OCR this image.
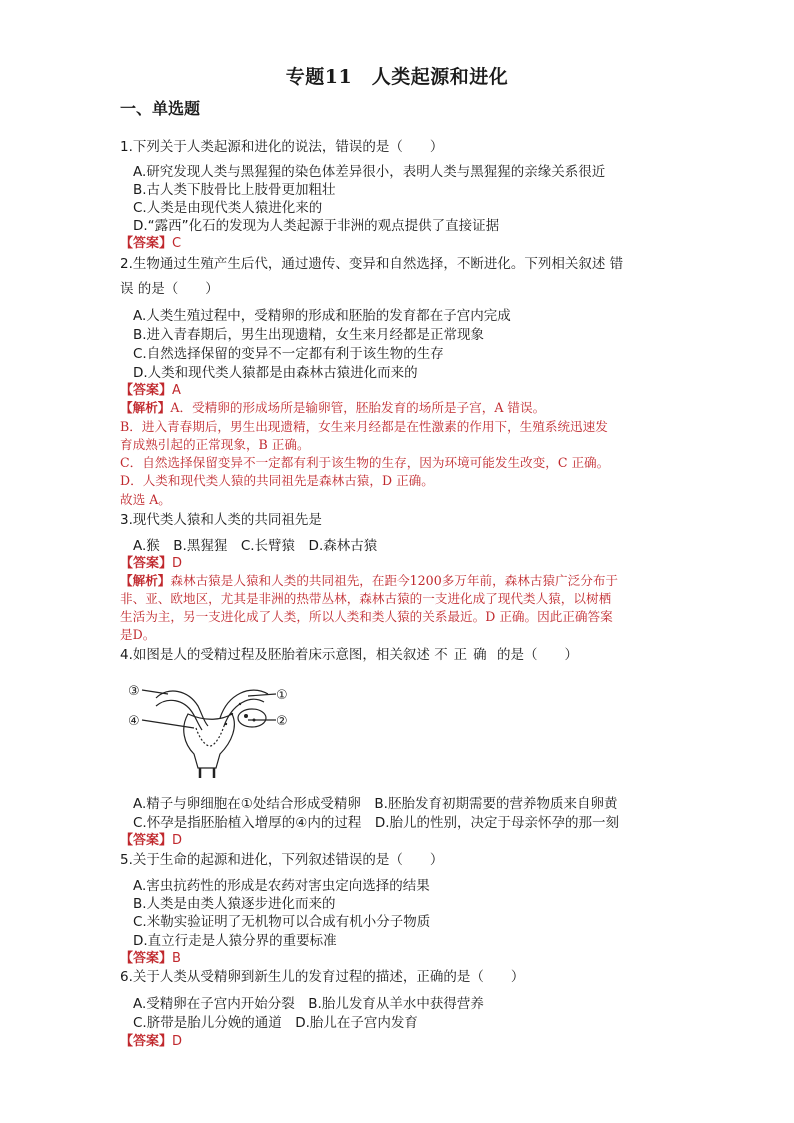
专题11　人类起源和进化
一、单选题
1.下列关于人类起源和进化的说法，错误的是（　　）
A.研究发现人类与黑猩猩的染色体差异很小，表明人类与黑猩猩的亲缘关系很近
B.古人类下肢骨比上肢骨更加粗壮
C.人类是由现代类人猿进化来的
D.“露西”化石的发现为人类起源于非洲的观点提供了直接证据
【答案】C
2.生物通过生殖产生后代，通过遗传、变异和自然选择，不断进化。下列相关叙述 错
误 的是（　　）
A.人类生殖过程中，受精卵的形成和胚胎的发育都在子宫内完成
B.进入青春期后，男生出现遗精，女生来月经都是正常现象
C.自然选择保留的变异不一定都有利于该生物的生存
D.人类和现代类人猿都是由森林古猿进化而来的
【答案】A
【解析】A．受精卵的形成场所是输卵管，胚胎发育的场所是子宫，A 错误。
B．进入青春期后，男生出现遗精，女生来月经都是在性激素的作用下，生殖系统迅速发
育成熟引起的正常现象，B 正确。
C．自然选择保留变异不一定都有利于该生物的生存，因为环境可能发生改变，C 正确。
D．人类和现代类人猿的共同祖先是森林古猿，D 正确。
故选 A。
3.现代类人猿和人类的共同祖先是
A.猴　B.黑猩猩　C.长臂猿　D.森林古猿
【答案】D
【解析】森林古猿是人猿和人类的共同祖先，在距今1200多万年前，森林古猿广泛分布于
非、亚、欧地区，尤其是非洲的热带丛林，森林古猿的一支进化成了现代类人猿，以树栖
生活为主，另一支进化成了人类，所以人类和类人猿的关系最近。D 正确。因此正确答案
是D。
4.如图是人的受精过程及胚胎着床示意图，相关叙述 不正确 的是（　　）
③	①
④	②
A.精子与卵细胞在①处结合形成受精卵　B.胚胎发育初期需要的营养物质来自卵黄
C.怀孕是指胚胎植入增厚的④内的过程　D.胎儿的性别，决定于母亲怀孕的那一刻
【答案】D
5.关于生命的起源和进化，下列叙述错误的是（　　）
A.害虫抗药性的形成是农药对害虫定向选择的结果
B.人类是由类人猿逐步进化而来的
C.米勒实验证明了无机物可以合成有机小分子物质
D.直立行走是人猿分界的重要标准
【答案】B
6.关于人类从受精卵到新生儿的发育过程的描述，正确的是（　　）
A.受精卵在子宫内开始分裂　B.胎儿发育从羊水中获得营养
C.脐带是胎儿分娩的通道　D.胎儿在子宫内发育
【答案】D
